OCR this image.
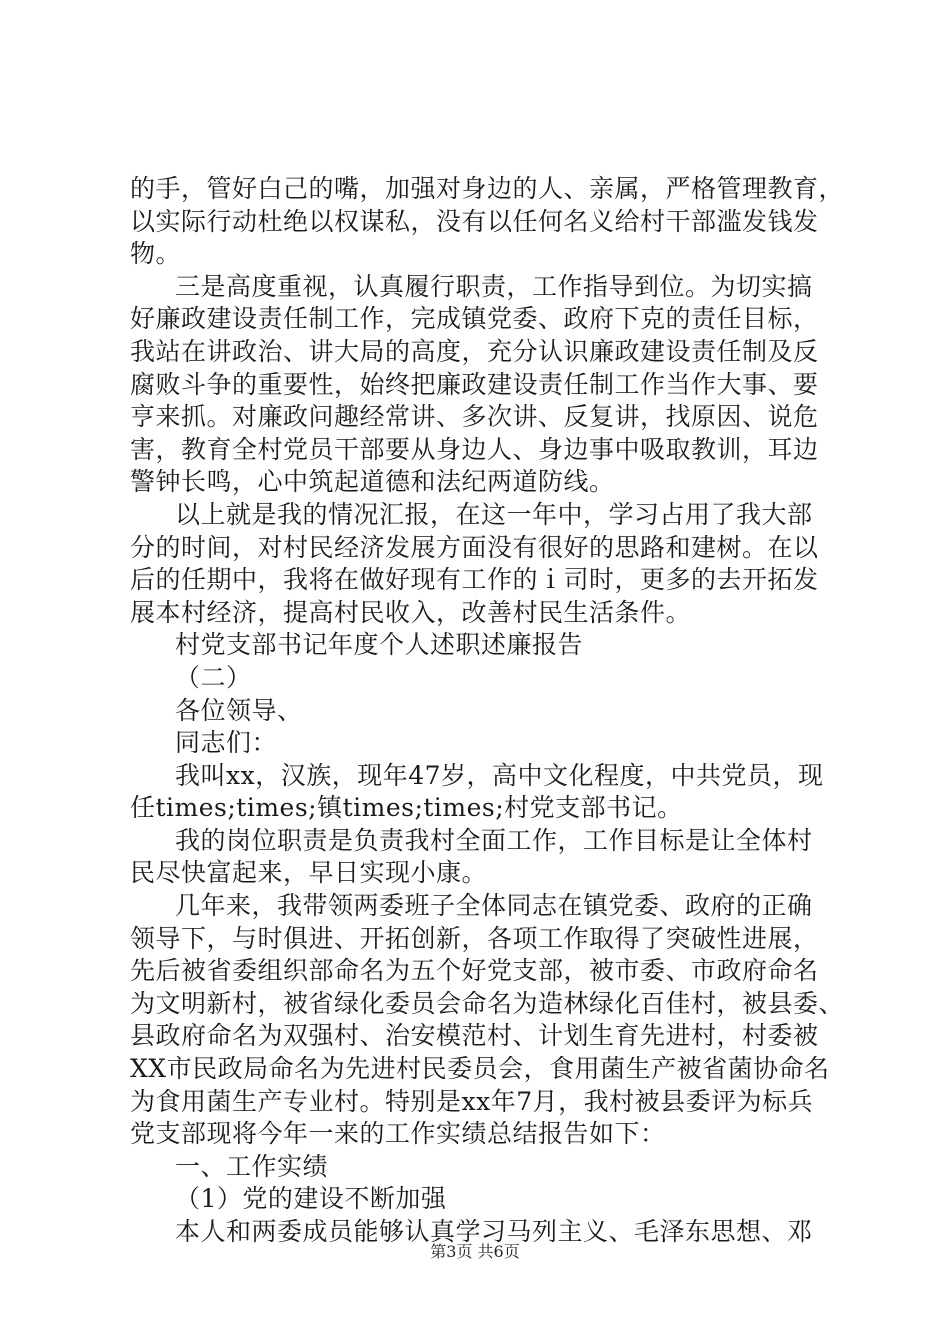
的手，管好白己的嘴，加强对身边的人、亲属，严格管理教育，
以实际行动杜绝以权谋私，没有以任何名义给村干部滥发钱发
物。
三是高度重视，认真履行职责，工作指导到位。为切实搞
好廉政建设责任制工作，完成镇党委、政府下克的责任目标，
我站在讲政治、讲大局的高度，充分认识廉政建设责任制及反
腐败斗争的重要性，始终把廉政建设责任制工作当作大事、要
亨来抓。对廉政问趣经常讲、多次讲、反复讲，找原因、说危
害，教育全村党员干部要从身边人、身边事中吸取教训，耳边
警钟长鸣，心中筑起道德和法纪两道防线。
以上就是我的情况汇报，在这一年中，学习占用了我大部
分的时间，对村民经济发展方面没有很好的思路和建树。在以
后的任期中，我将在做好现有工作的ｉ司时，更多的去开拓发
展本村经济，提高村民收入，改善村民生活条件。
村党支部书记年度个人述职述廉报告
（二）
各位领导、
同志们：
我叫xx，汉族，现年47岁，高中文化程度，中共党员，现
任times;times;镇times;times;村党支部书记。
我的岗位职责是负责我村全面工作，工作目标是让全体村
民尽快富起来，早日实现小康。
几年来，我带领两委班子全体同志在镇党委、政府的正确
领导下，与时俱进、开拓创新，各项工作取得了突破性进展，
先后被省委组织部命名为五个好党支部，被市委、市政府命名
为文明新村，被省绿化委员会命名为造林绿化百佳村，被县委、
县政府命名为双强村、治安模范村、计划生育先进村，村委被
XX市民政局命名为先进村民委员会，食用菌生产被省菌协命名
为食用菌生产专业村。特别是xx年7月，我村被县委评为标兵
党支部现将今年一来的工作实绩总结报告如下：
一、工作实绩
（1）党的建设不断加强
本人和两委成员能够认真学习马列主义、毛泽东思想、邓
第3页 共6页
